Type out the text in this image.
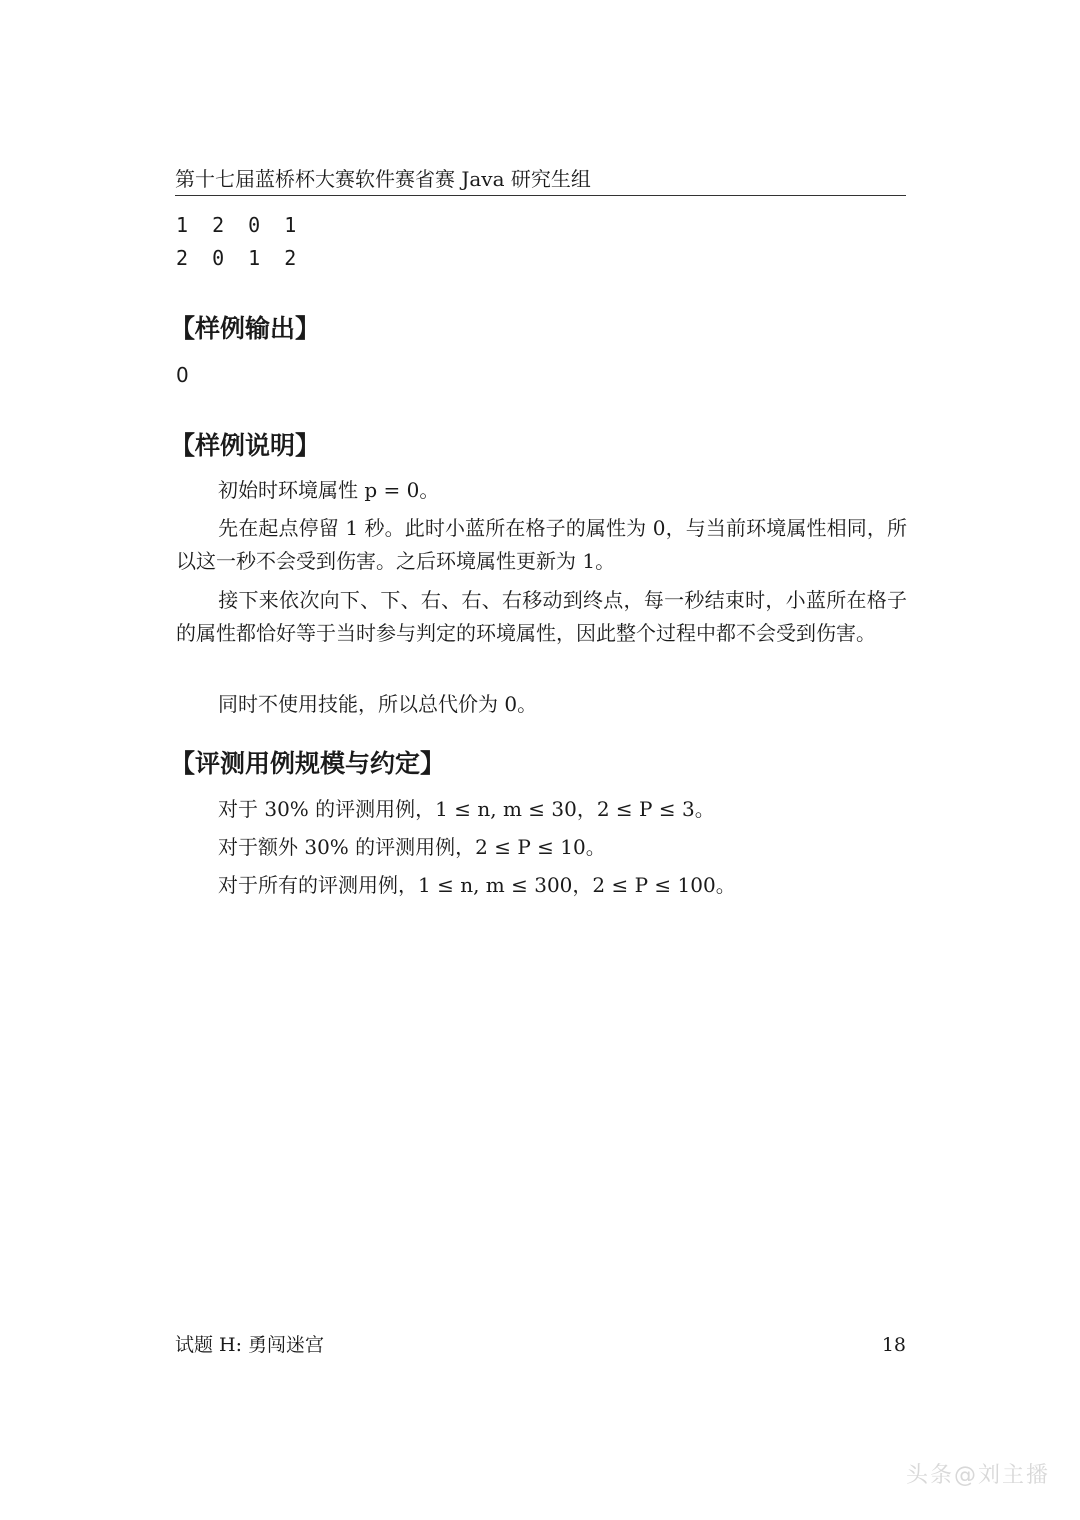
第十七届蓝桥杯大赛软件赛省赛 Java 研究生组
1 2 0 1
2 0 1 2
【样例输出】
0
【样例说明】
初始时环境属性 p = 0。
先在起点停留 1 秒。此时小蓝所在格子的属性为 0，与当前环境属性相同，所以这一秒不会受到伤害。之后环境属性更新为 1。
接下来依次向下、下、右、右、右移动到终点，每一秒结束时，小蓝所在格子的属性都恰好等于当时参与判定的环境属性，因此整个过程中都不会受到伤害。
同时不使用技能，所以总代价为 0。
【评测用例规模与约定】
对于 30% 的评测用例，1 ≤ n, m ≤ 30，2 ≤ P ≤ 3。
对于额外 30% 的评测用例，2 ≤ P ≤ 10。
对于所有的评测用例，1 ≤ n, m ≤ 300，2 ≤ P ≤ 100。
试题 H: 勇闯迷宫	18
头条@刘主播
